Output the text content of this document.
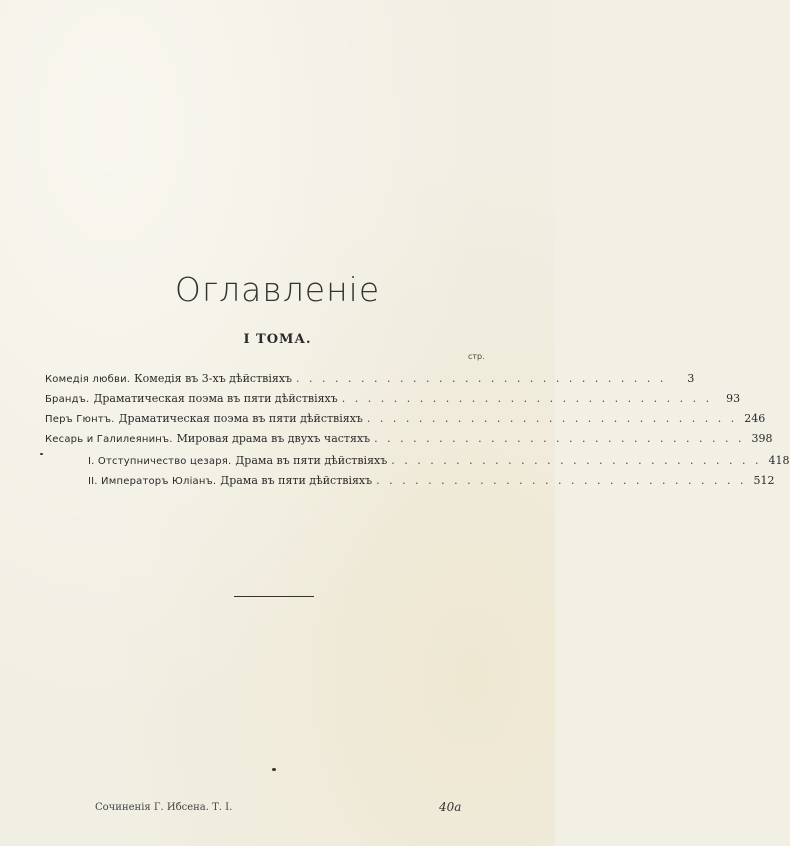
Оглавленіе
I ТОМА.
стр.
Комедія любви. Комедія въ 3-хъ дѣйствіяхъ . . . . . . . . . . . . . . . . . . . . . . . . . . . . .	3
Брандъ. Драматическая поэма въ пяти дѣйствіяхъ . . . . . . . . . . . . . . . . . . . . . . . . . . . . .	93
Перъ Гюнтъ. Драматическая поэма въ пяти дѣйствіяхъ . . . . . . . . . . . . . . . . . . . . . . . . . . . . . 246
Кесарь и Галилеянинъ. Мировая драма въ двухъ частяхъ . . . . . . . . . . . . . . . . . . . . . . . . . . . . . 398
I. Отступничество цезаря. Драма въ пяти дѣйствіяхъ . . . . . . . . . . . . . . . . . . . . . . . . . . . . . 418
II. Императоръ Юліанъ. Драма въ пяти дѣйствіяхъ . . . . . . . . . . . . . . . . . . . . . . . . . . . . . 512
Сочиненія Г. Ибсена. Т. I.	40a
